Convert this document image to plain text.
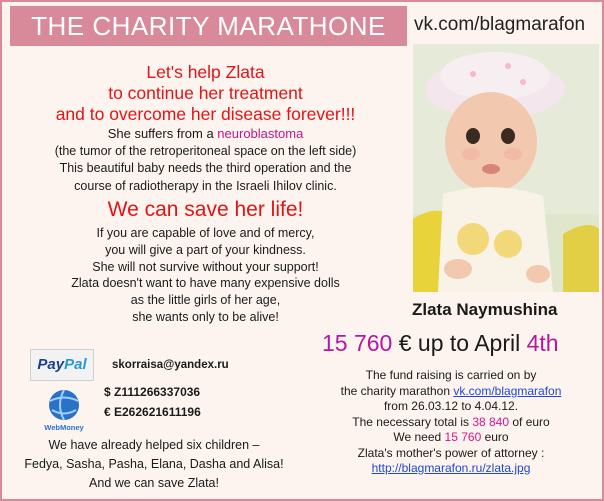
THE CHARITY MARATHONE	vk.com/blagmarafon
Let's help Zlata
to continue her treatment
and to overcome her disease forever!!!
She suffers from a neuroblastoma
(the tumor of the retroperitoneal space on the left side)
This beautiful baby needs the third operation and the
course of radiotherapy in the Israeli Ihilov clinic.
We can save her life!
If you are capable of love and of mercy,
you will give a part of your kindness.
She will not survive without your support!
Zlata doesn't want to have many expensive dolls
as the little girls of her age,
she wants only to be alive!	Zlata Naymushina
15 760 € up to April 4th
The fund raising is carried on by
the charity marathon vk.com/blagmarafon
from 26.03.12 to 4.04.12.
The necessary total is 38 840 of euro
We need 15 760 euro
Zlata's mother's power of attorney :
http://blagmarafon.ru/zlata.jpg
PayPal	skorraisa@yandex.ru
WebMoney
$ Z111266337036
€ E262621611196
We have already helped six children –
Fedya, Sasha, Pasha, Elana, Dasha and Alisa!
And we can save Zlata!
